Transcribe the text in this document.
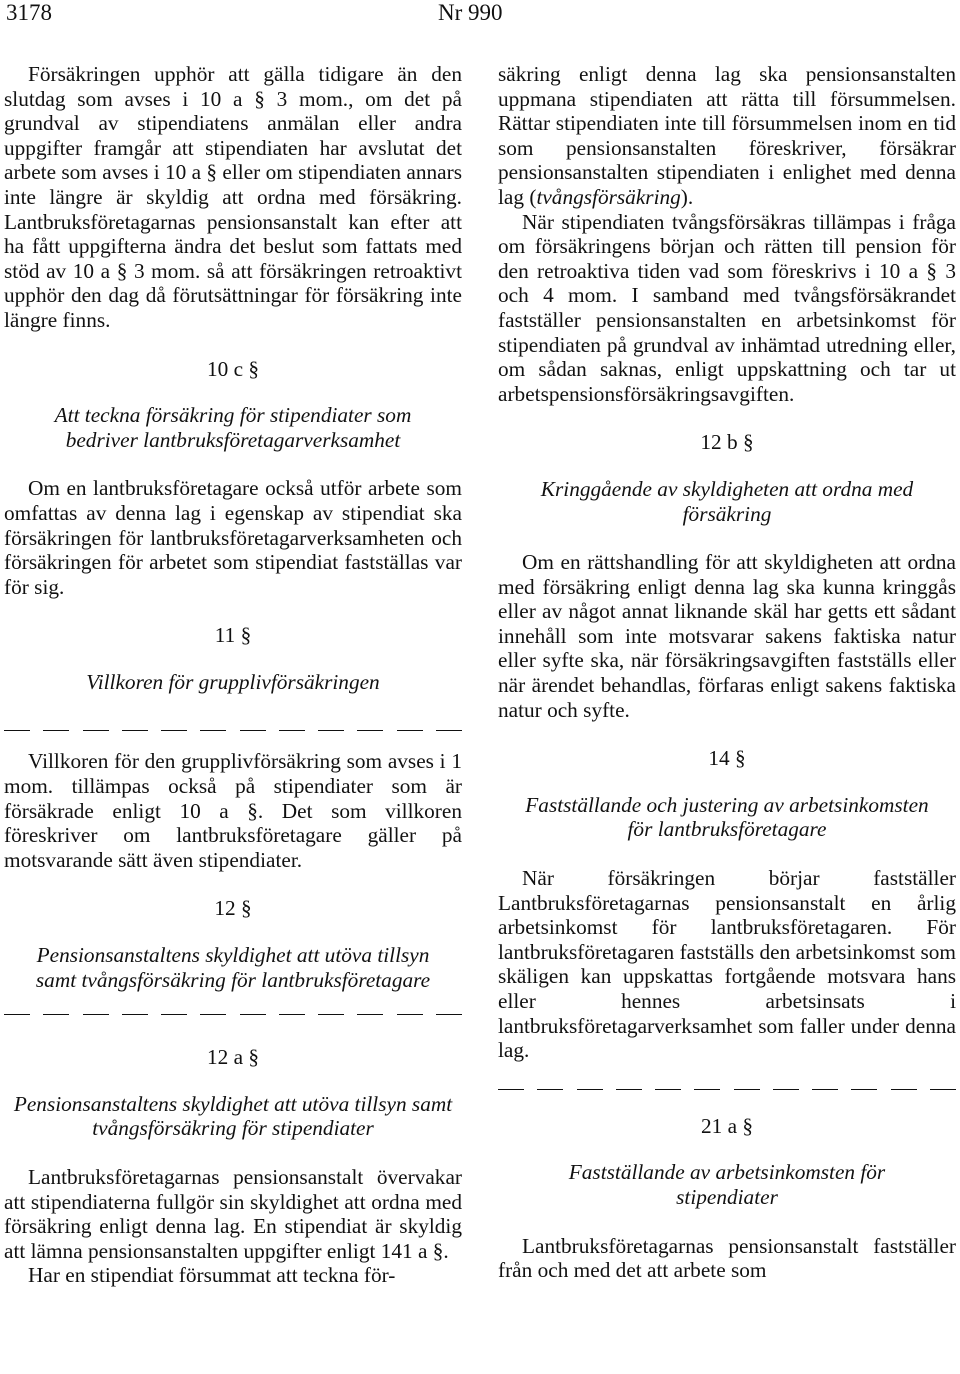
3178	Nr 990

Försäkringen upphör att gälla tidigare än den slutdag som avses i 10 a § 3 mom., om det på grundval av stipendiatens anmälan eller andra uppgifter framgår att stipendiaten har avslutat det arbete som avses i 10 a § eller om stipendiaten annars inte längre är skyldig att ordna med försäkring. Lantbruksföretagarnas pensionsanstalt kan efter att ha fått uppgifterna ändra det beslut som fattats med stöd av 10 a § 3 mom. så att försäkringen retroaktivt upphör den dag då förutsättningar för försäkring inte längre finns.

10 c §
Att teckna försäkring för stipendiater som bedriver lantbruksföretagarverksamhet

Om en lantbruksföretagare också utför arbete som omfattas av denna lag i egenskap av stipendiat ska försäkringen för lantbruksföretagarverksamheten och försäkringen för arbetet som stipendiat fastställas var för sig.

11 §
Villkoren för grupplivförsäkringen

Villkoren för den grupplivförsäkring som avses i 1 mom. tillämpas också på stipendiater som är försäkrade enligt 10 a §. Det som villkoren föreskriver om lantbruksföretagare gäller på motsvarande sätt även stipendiater.

12 §
Pensionsanstaltens skyldighet att utöva tillsyn samt tvångsförsäkring för lantbruksföretagare
12 a §
Pensionsanstaltens skyldighet att utöva tillsyn samt tvångsförsäkring för stipendiater

Lantbruksföretagarnas pensionsanstalt övervakar att stipendiaterna fullgör sin skyldighet att ordna med försäkring enligt denna lag. En stipendiat är skyldig att lämna pensionsanstalten uppgifter enligt 141 a §.

Har en stipendiat försummat att teckna för-

säkring enligt denna lag ska pensionsanstalten uppmana stipendiaten att rätta till försummelsen. Rättar stipendiaten inte till försummelsen inom en tid som pensionsanstalten föreskriver, försäkrar pensionsanstalten stipendiaten i enlighet med denna lag (tvångsförsäkring).

När stipendiaten tvångsförsäkras tillämpas i fråga om försäkringens början och rätten till pension för den retroaktiva tiden vad som föreskrivs i 10 a § 3 och 4 mom. I samband med tvångsförsäkrandet fastställer pensionsanstalten en arbetsinkomst för stipendiaten på grundval av inhämtad utredning eller, om sådan saknas, enligt uppskattning och tar ut arbetspensionsförsäkringsavgiften.

12 b §
Kringgående av skyldigheten att ordna med försäkring

Om en rättshandling för att skyldigheten att ordna med försäkring enligt denna lag ska kunna kringgås eller av något annat liknande skäl har getts ett sådant innehåll som inte motsvarar sakens faktiska natur eller syfte ska, när försäkringsavgiften fastställs eller när ärendet behandlas, förfaras enligt sakens faktiska natur och syfte.

14 §
Fastställande och justering av arbetsinkomsten för lantbruksföretagare

När försäkringen börjar fastställer Lantbruksföretagarnas pensionsanstalt en årlig arbetsinkomst för lantbruksföretagaren. För lantbruksföretagaren fastställs den arbetsinkomst som skäligen kan uppskattas fortgående motsvara hans eller hennes arbetsinsats i lantbruksföretagarverksamhet som faller under denna lag.

21 a §
Fastställande av arbetsinkomsten för stipendiater

Lantbruksföretagarnas pensionsanstalt fastställer från och med det att arbete som
